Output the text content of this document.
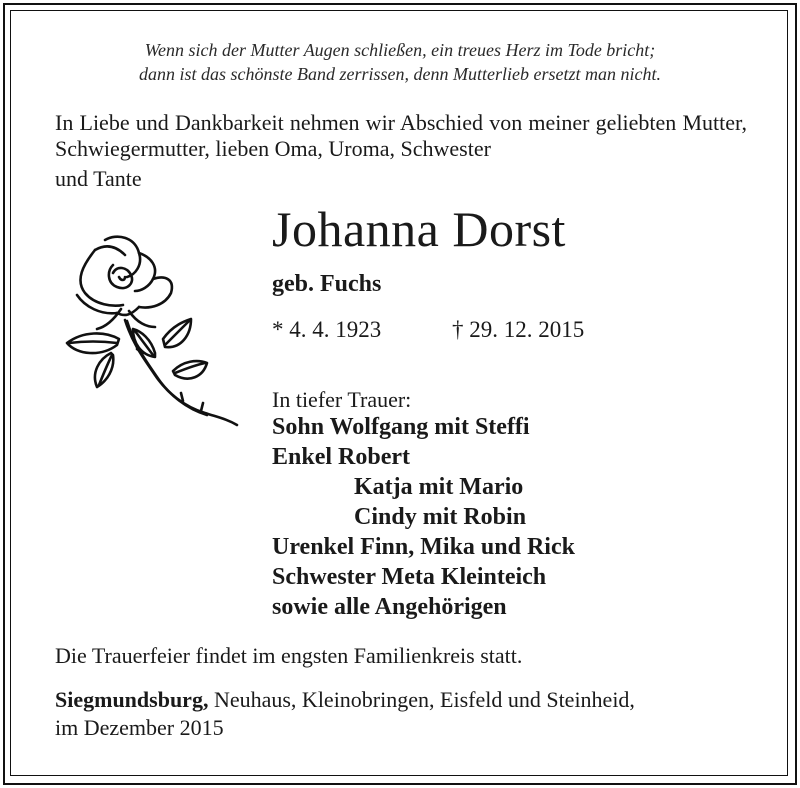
Wenn sich der Mutter Augen schließen, ein treues Herz im Tode bricht;
dann ist das schönste Band zerrissen, denn Mutterlieb ersetzt man nicht.
In Liebe und Dankbarkeit nehmen wir Abschied von meiner geliebten Mutter, Schwiegermutter, lieben Oma, Uroma, Schwester
und Tante
Johanna Dorst
geb. Fuchs
* 4. 4. 1923	† 29. 12. 2015
In tiefer Trauer:
Sohn Wolfgang mit Steffi
Enkel Robert
Katja mit Mario
Cindy mit Robin
Urenkel Finn, Mika und Rick
Schwester Meta Kleinteich
sowie alle Angehörigen
Die Trauerfeier findet im engsten Familienkreis statt.
Siegmundsburg, Neuhaus, Kleinobringen, Eisfeld und Steinheid,
im Dezember 2015
